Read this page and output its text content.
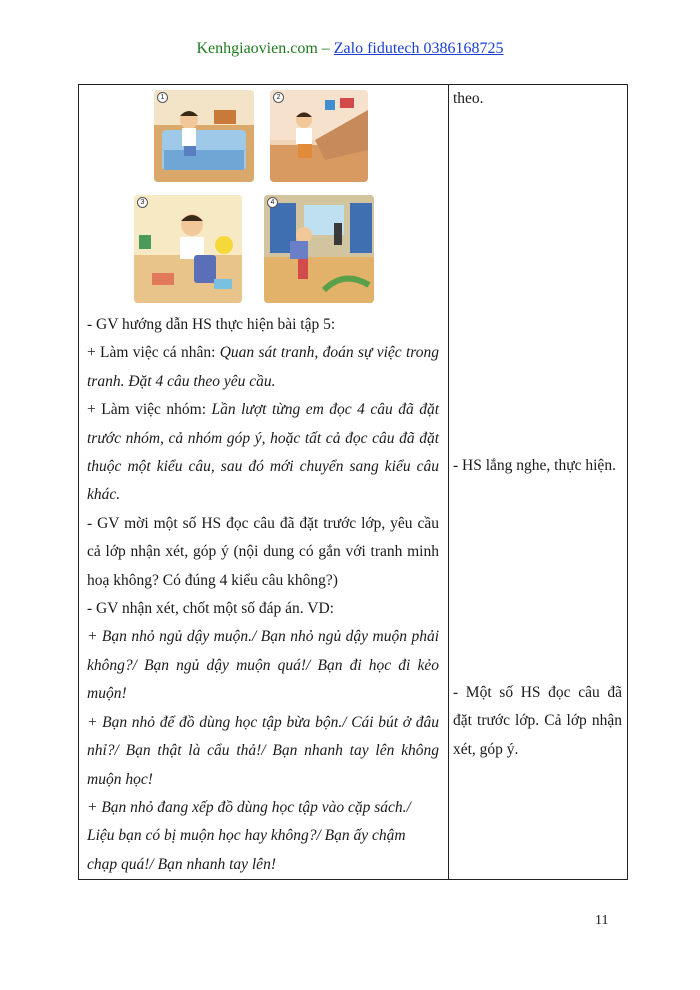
Kenhgiaovien.com – Zalo fidutech 0386168725
1	2
3	4

- GV hướng dẫn HS thực hiện bài tập 5:

+ Làm việc cá nhân: Quan sát tranh, đoán sự việc trong tranh. Đặt 4 câu theo yêu cầu.

+ Làm việc nhóm: Lần lượt từng em đọc 4 câu đã đặt trước nhóm, cả nhóm góp ý, hoặc tất cả đọc câu đã đặt thuộc một kiểu câu, sau đó mới chuyển sang kiểu câu khác.

- GV mời một số HS đọc câu đã đặt trước lớp, yêu cầu cả lớp nhận xét, góp ý (nội dung có gắn với tranh minh hoạ không? Có đúng 4 kiểu câu không?)

- GV nhận xét, chốt một số đáp án. VD:

+ Bạn nhỏ ngủ dậy muộn./ Bạn nhỏ ngủ dậy muộn phải không?/ Bạn ngủ dậy muộn quá!/ Bạn đi học đi kẻo muộn!

+ Bạn nhỏ để đồ dùng học tập bừa bộn./ Cái bút ở đâu nhỉ?/ Bạn thật là cẩu thả!/ Bạn nhanh tay lên không muộn học!

+ Bạn nhỏ đang xếp đồ dùng học tập vào cặp sách./ Liệu bạn có bị muộn học hay không?/ Bạn ấy chậm chạp quá!/ Bạn nhanh tay lên!

theo.

- HS lắng nghe, thực hiện.

- Một số HS đọc câu đã đặt trước lớp. Cả lớp nhận xét, góp ý.

11
